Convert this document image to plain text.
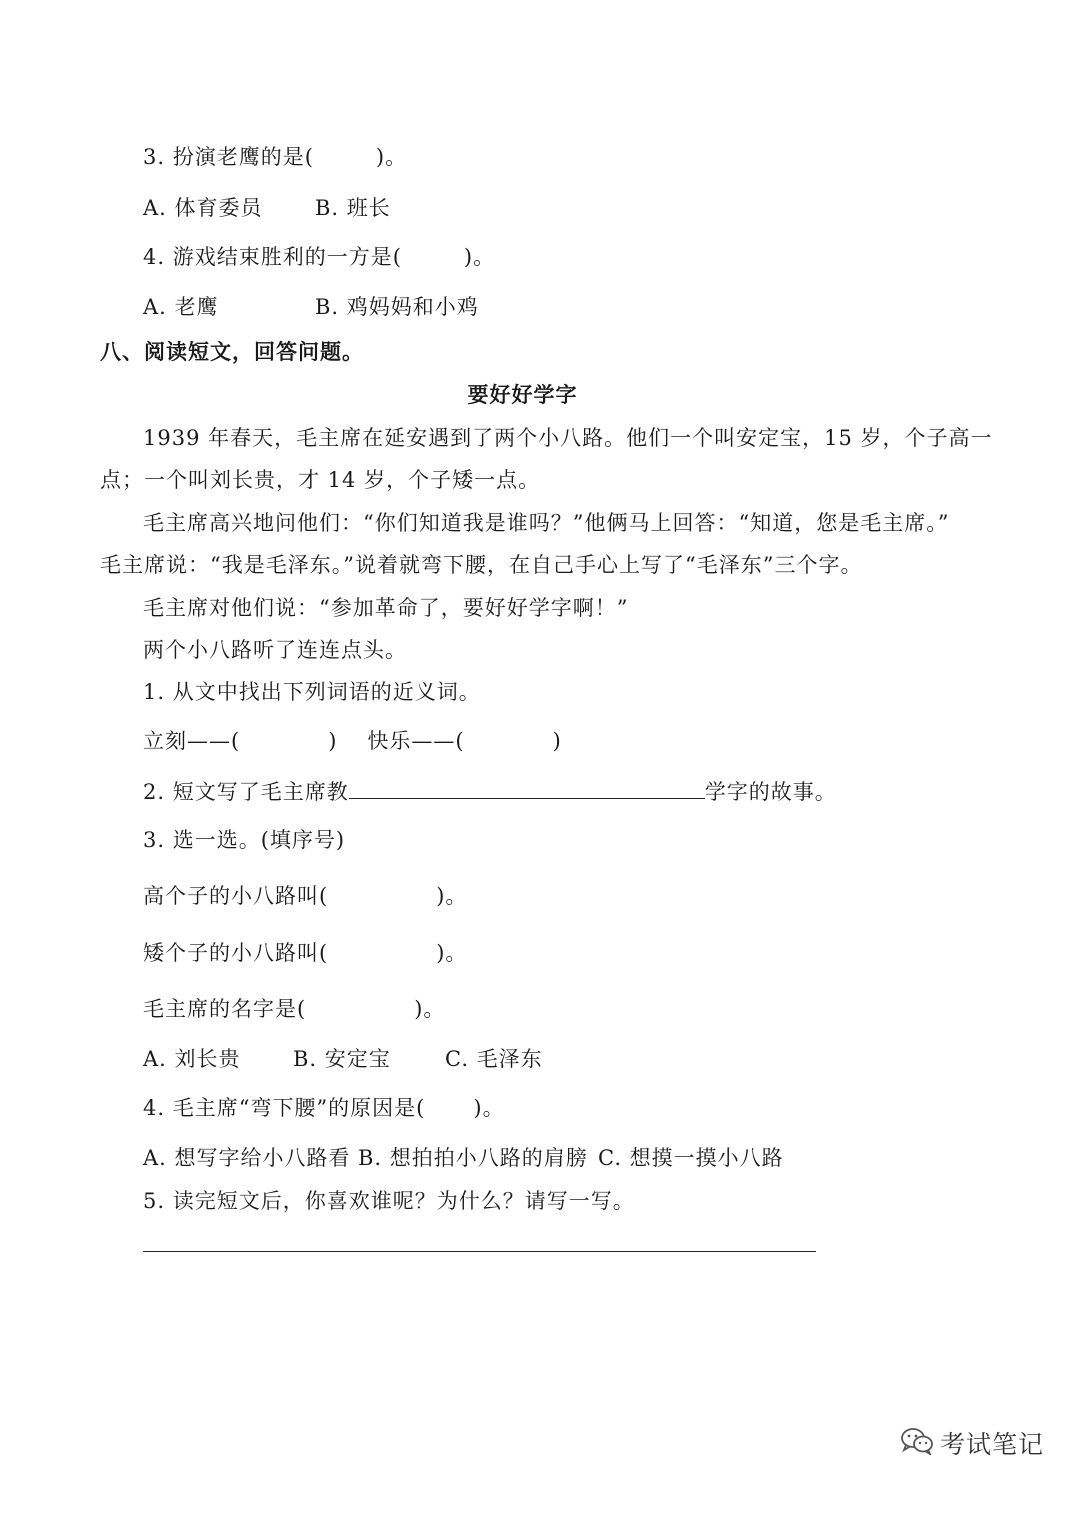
3. 扮演老鹰的是(	)。
A. 体育委员 B. 班长
4. 游戏结束胜利的一方是(	)。
A. 老鹰	B. 鸡妈妈和小鸡
八、阅读短文，回答问题。
要好好学字
1939 年春天，毛主席在延安遇到了两个小八路。他们一个叫安定宝，15 岁，个子高一
点；一个叫刘长贵，才 14 岁，个子矮一点。
毛主席高兴地问他们：“你们知道我是谁吗？”他俩马上回答：“知道，您是毛主席。”
毛主席说：“我是毛泽东。”说着就弯下腰，在自己手心上写了“毛泽东”三个字。
毛主席对他们说：“参加革命了，要好好学字啊！”
两个小八路听了连连点头。
1. 从文中找出下列词语的近义词。
立刻——(	) 快乐——(	)
2. 短文写了毛主席教	学字的故事。
3. 选一选。(填序号)
高个子的小八路叫(	)。
矮个子的小八路叫(	)。
毛主席的名字是(	)。
A. 刘长贵 B. 安定宝	C. 毛泽东
4. 毛主席“弯下腰”的原因是( )。
A. 想写字给小八路看 B. 想拍拍小八路的肩膀 C. 想摸一摸小八路
5. 读完短文后，你喜欢谁呢？为什么？请写一写。
考试笔记
